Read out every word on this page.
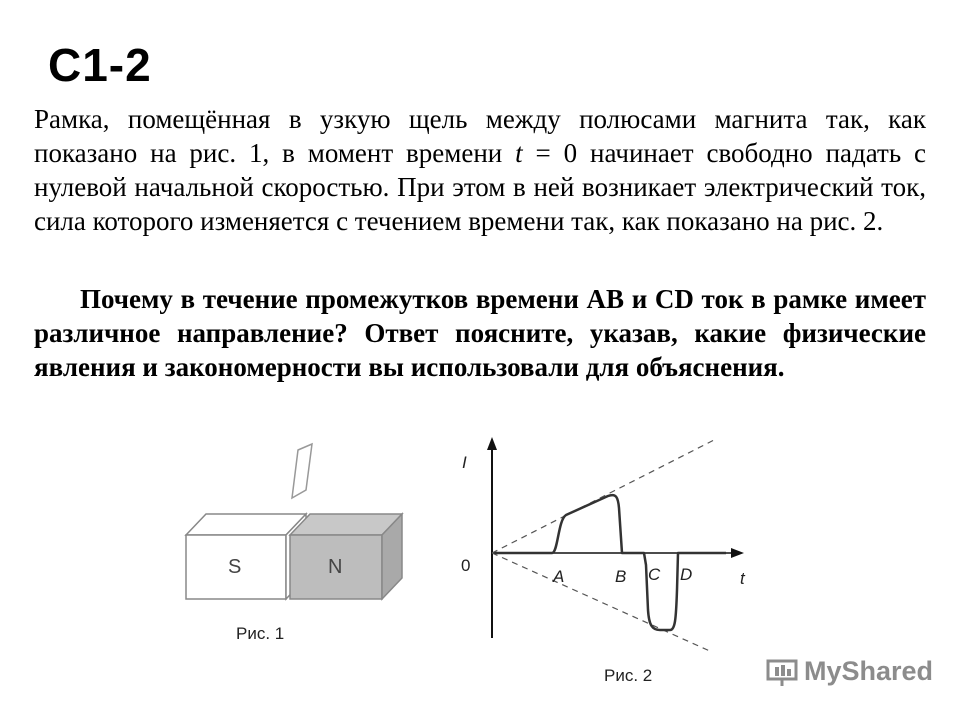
С1-2

Рамка, помещённая в узкую щель между полюсами магнита так, как показано на рис. 1, в момент времени t = 0 начинает свободно падать с нулевой начальной скоростью. При этом в ней возникает электрический ток, сила которого изменяется с течением времени так, как показано на рис. 2.

Почему в течение промежутков времени АВ и CD ток в рамке имеет различное направление? Ответ поясните, указав, какие физические явления и закономерности вы использовали для объяснения.

S	N
Рис. 1
I
0
t
A	B C D
Рис. 2	MyShared
